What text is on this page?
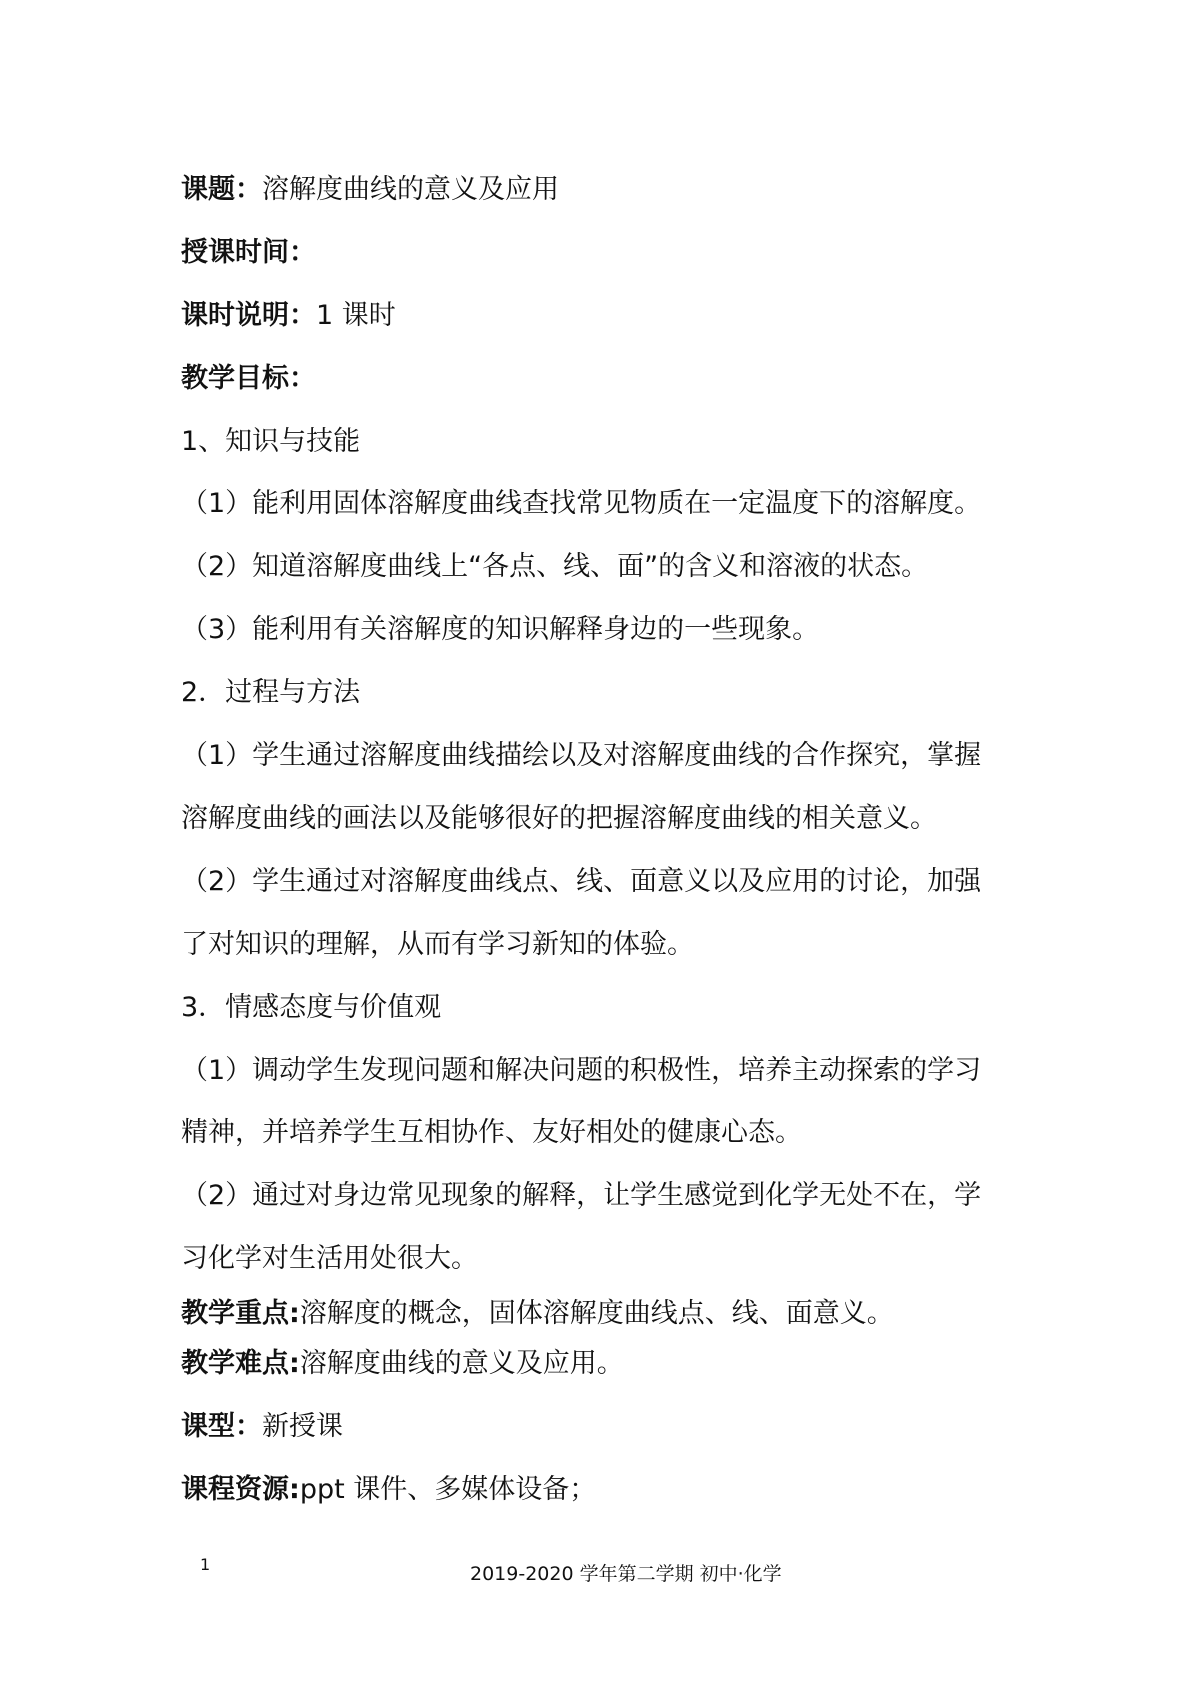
课题：溶解度曲线的意义及应用
授课时间：
课时说明：1 课时
教学目标：
1、知识与技能
（1）能利用固体溶解度曲线查找常见物质在一定温度下的溶解度。
（2）知道溶解度曲线上“各点、线、面”的含义和溶液的状态。
（3）能利用有关溶解度的知识解释身边的一些现象。
2．过程与方法
（1）学生通过溶解度曲线描绘以及对溶解度曲线的合作探究，掌握
溶解度曲线的画法以及能够很好的把握溶解度曲线的相关意义。
（2）学生通过对溶解度曲线点、线、面意义以及应用的讨论，加强
了对知识的理解，从而有学习新知的体验。
3．情感态度与价值观
（1）调动学生发现问题和解决问题的积极性，培养主动探索的学习
精神，并培养学生互相协作、友好相处的健康心态。
（2）通过对身边常见现象的解释，让学生感觉到化学无处不在，学
习化学对生活用处很大。
教学重点:溶解度的概念，固体溶解度曲线点、线、面意义。
教学难点:溶解度曲线的意义及应用。
课型：新授课
课程资源:ppt 课件、多媒体设备；
1	2019-2020 学年第二学期 初中·化学
